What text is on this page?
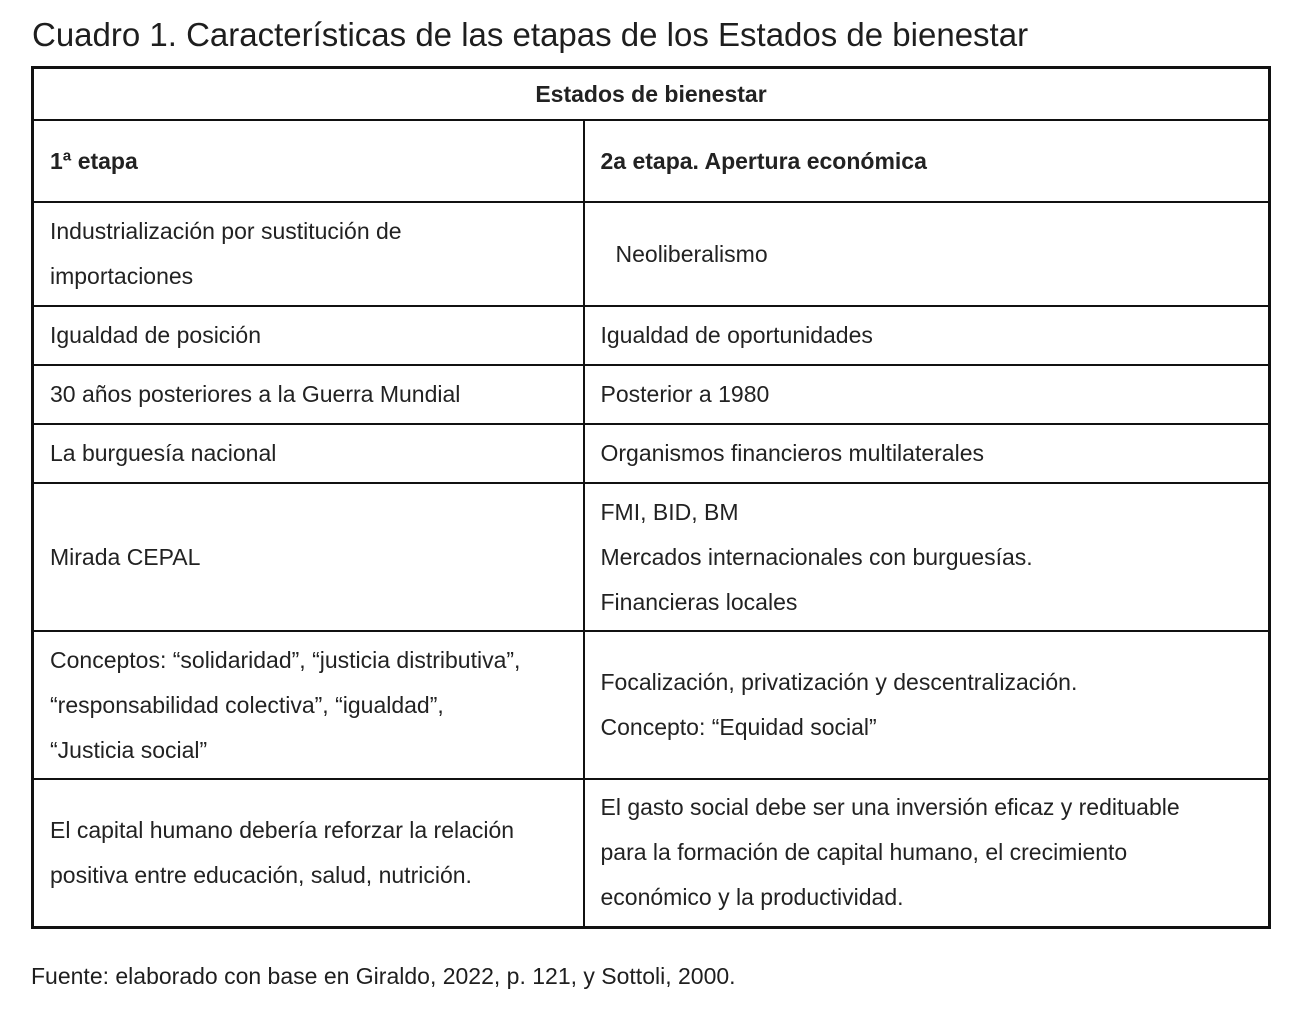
Cuadro 1. Características de las etapas de los Estados de bienestar
Estados de bienestar	
1ª etapa	2a etapa. Apertura económica

Industrialización por sustitución de
importaciones	Neoliberalismo

Igualdad de posición	Igualdad de oportunidades

30 años posteriores a la Guerra Mundial	Posterior a 1980

La burguesía nacional	Organismos financieros multilaterales

Mirada CEPAL	FMI, BID, BM
Mercados internacionales con burguesías.
Financieras locales

Conceptos: “solidaridad”, “justicia distributiva”,
“responsabilidad colectiva”, “igualdad”,
“Justicia social”	Focalización, privatización y descentralización.
Concepto: “Equidad social”

El capital humano debería reforzar la relación
positiva entre educación, salud, nutrición.	El gasto social debe ser una inversión eficaz y redituable
para la formación de capital humano, el crecimiento
económico y la productividad.
Fuente: elaborado con base en Giraldo, 2022, p. 121, y Sottoli, 2000.
